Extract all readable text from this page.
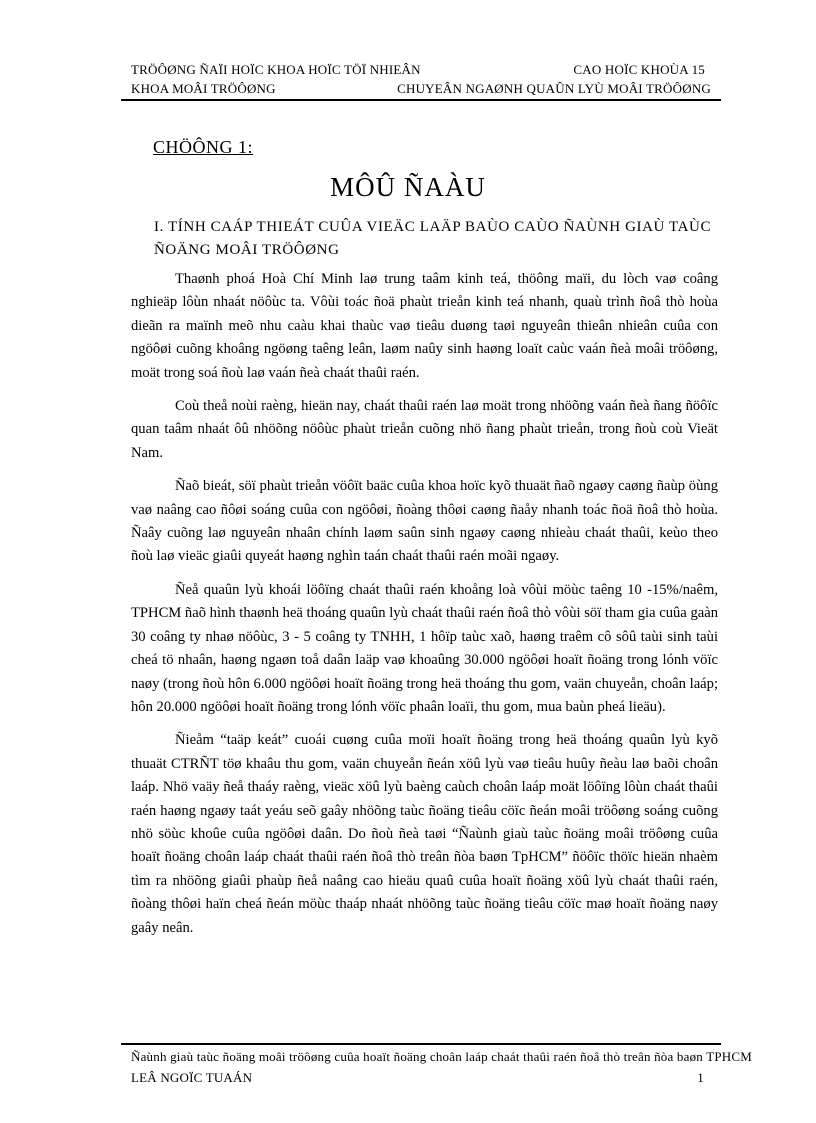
TRÖÔØNG ÑAÏI HOÏC KHOA HOÏC TÖÏ NHIEÂN	CAO HOÏC KHOÙA 15
KHOA MOÂI TRÖÔØNG	CHUYEÂN NGAØNH QUAÛN LYÙ MOÂI TRÖÔØNG
CHÖÔNG 1:
MÔÛ ÑAÀU
I. TÍNH CAÁP THIEÁT CUÛA VIEÄC LAÄP BAÙO CAÙO ÑAÙNH GIAÙ TAÙC ÑOÄNG MOÂI TRÖÔØNG

Thaønh phoá Hoà Chí Minh laø trung taâm kinh teá, thöông maïi, du lòch vaø coâng nghieäp lôùn nhaát nöôùc ta. Vôùi toác ñoä phaùt trieån kinh teá nhanh, quaù trình ñoâ thò hoùa dieãn ra maïnh meõ nhu caàu khai thaùc vaø tieâu duøng taøi nguyeân thieân nhieân cuûa con ngöôøi cuõng khoâng ngöøng taêng leân, laøm naûy sinh haøng loaït caùc vaán ñeà moâi tröôøng, moät trong soá ñoù laø vaán ñeà chaát thaûi raén.

Coù theå noùi raèng, hieän nay, chaát thaûi raén laø moät trong nhöõng vaán ñeà ñang ñöôïc quan taâm nhaát ôû nhöõng nöôùc phaùt trieån cuõng nhö ñang phaùt trieån, trong ñoù coù Vieät Nam.

Ñaõ bieát, söï phaùt trieån vöôït baäc cuûa khoa hoïc kyõ thuaät ñaõ ngaøy caøng ñaùp öùng vaø naâng cao ñôøi soáng cuûa con ngöôøi, ñoàng thôøi caøng ñaåy nhanh toác ñoä ñoâ thò hoùa. Ñaây cuõng laø nguyeân nhaân chính laøm saûn sinh ngaøy caøng nhieàu chaát thaûi, keùo theo ñoù laø vieäc giaûi quyeát haøng nghìn taán chaát thaûi raén moãi ngaøy.

Ñeå quaûn lyù khoái löôïng chaát thaûi raén khoång loà vôùi möùc taêng 10 -15%/naêm, TPHCM ñaõ hình thaønh heä thoáng quaûn lyù chaát thaûi raén ñoâ thò vôùi söï tham gia cuûa gaàn 30 coâng ty nhaø nöôùc, 3 - 5 coâng ty TNHH, 1 hôïp taùc xaõ, haøng traêm cô sôû taùi sinh taùi cheá tö nhaân, haøng ngaøn toå daân laäp vaø khoaûng 30.000 ngöôøi hoaït ñoäng trong lónh vöïc naøy (trong ñoù hôn 6.000 ngöôøi hoaït ñoäng trong heä thoáng thu gom, vaän chuyeån, choân laáp; hôn 20.000 ngöôøi hoaït ñoäng trong lónh vöïc phaân loaïi, thu gom, mua baùn pheá lieäu).

Ñieåm “taäp keát” cuoái cuøng cuûa moïi hoaït ñoäng trong heä thoáng quaûn lyù kyõ thuaät CTRÑT töø khaâu thu gom, vaän chuyeån ñeán xöû lyù vaø tieâu huûy ñeàu laø baõi choân laáp. Nhö vaäy ñeå thaáy raèng, vieäc xöû lyù baèng caùch choân laáp moät löôïng lôùn chaát thaûi raén haøng ngaøy taát yeáu seõ gaây nhöõng taùc ñoäng tieâu cöïc ñeán moâi tröôøng soáng cuõng nhö söùc khoûe cuûa ngöôøi daân. Do ñoù ñeà taøi “Ñaùnh giaù taùc ñoäng moâi tröôøng cuûa hoaït ñoäng choân laáp chaát thaûi raén ñoâ thò treân ñòa baøn TpHCM” ñöôïc thöïc hieän nhaèm tìm ra nhöõng giaûi phaùp ñeå naâng cao hieäu quaû cuûa hoaït ñoäng xöû lyù chaát thaûi raén, ñoàng thôøi haïn cheá ñeán möùc thaáp nhaát nhöõng taùc ñoäng tieâu cöïc maø hoaït ñoäng naøy gaây neân.

Ñaùnh giaù taùc ñoäng moâi tröôøng cuûa hoaït ñoäng choân laáp chaát thaûi raén ñoâ thò treân ñòa baøn TPHCM
LEÂ NGOÏC TUAÁN	1
